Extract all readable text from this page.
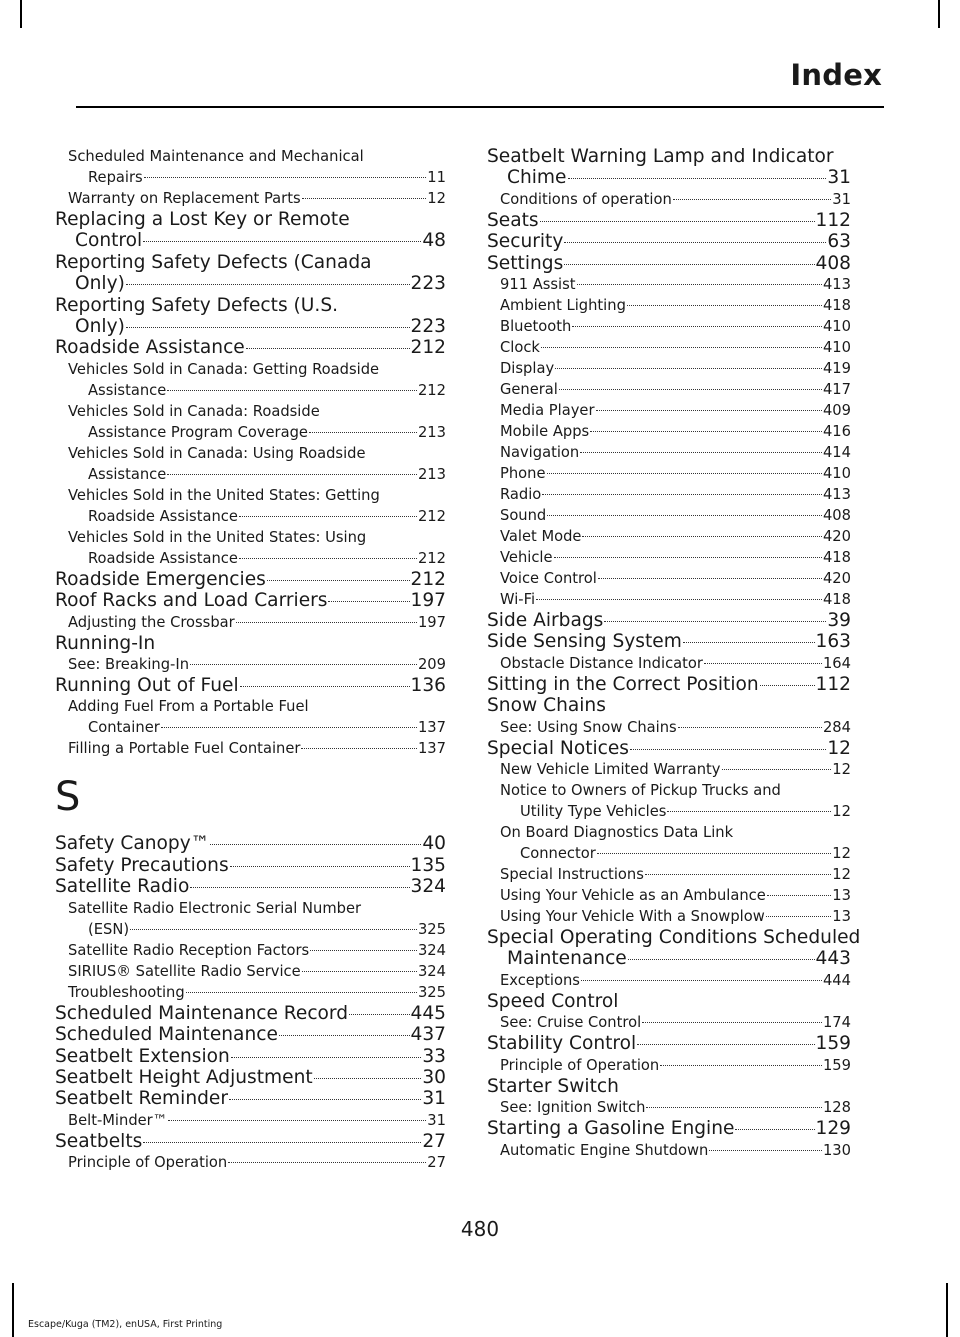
Index
Scheduled Maintenance and Mechanical
Repairs	11
Warranty on Replacement Parts	12
Replacing a Lost Key or Remote
Control	48
Reporting Safety Defects (Canada
Only)	223
Reporting Safety Defects (U.S.
Only)	223
Roadside Assistance	212
Vehicles Sold in Canada: Getting Roadside
Assistance	212
Vehicles Sold in Canada: Roadside
Assistance Program Coverage	213
Vehicles Sold in Canada: Using Roadside
Assistance	213
Vehicles Sold in the United States: Getting
Roadside Assistance	212
Vehicles Sold in the United States: Using
Roadside Assistance	212
Roadside Emergencies	212
Roof Racks and Load Carriers	197
Adjusting the Crossbar	197
Running-In
See: Breaking-In	209
Running Out of Fuel	136
Adding Fuel From a Portable Fuel
Container	137
Filling a Portable Fuel Container	137
S
Safety Canopy™	40
Safety Precautions	135
Satellite Radio	324
Satellite Radio Electronic Serial Number
(ESN)	325
Satellite Radio Reception Factors	324
SIRIUS® Satellite Radio Service	324
Troubleshooting	325
Scheduled Maintenance Record	445
Scheduled Maintenance	437
Seatbelt Extension	33
Seatbelt Height Adjustment	30
Seatbelt Reminder	31
Belt-Minder™	31
Seatbelts	27
Principle of Operation	27
Seatbelt Warning Lamp and Indicator
Chime	31
Conditions of operation	31
Seats	112
Security	63
Settings	408
911 Assist	413
Ambient Lighting	418
Bluetooth	410
Clock	410
Display	419
General	417
Media Player	409
Mobile Apps	416
Navigation	414
Phone	410
Radio	413
Sound	408
Valet Mode	420
Vehicle	418
Voice Control	420
Wi-Fi	418
Side Airbags	39
Side Sensing System	163
Obstacle Distance Indicator	164
Sitting in the Correct Position	112
Snow Chains
See: Using Snow Chains	284
Special Notices	12
New Vehicle Limited Warranty	12
Notice to Owners of Pickup Trucks and
Utility Type Vehicles	12
On Board Diagnostics Data Link
Connector	12
Special Instructions	12
Using Your Vehicle as an Ambulance	13
Using Your Vehicle With a Snowplow	13
Special Operating Conditions Scheduled
Maintenance	443
Exceptions	444
Speed Control
See: Cruise Control	174
Stability Control	159
Principle of Operation	159
Starter Switch
See: Ignition Switch	128
Starting a Gasoline Engine	129
Automatic Engine Shutdown	130
480
Escape/Kuga (TM2), enUSA, First Printing
